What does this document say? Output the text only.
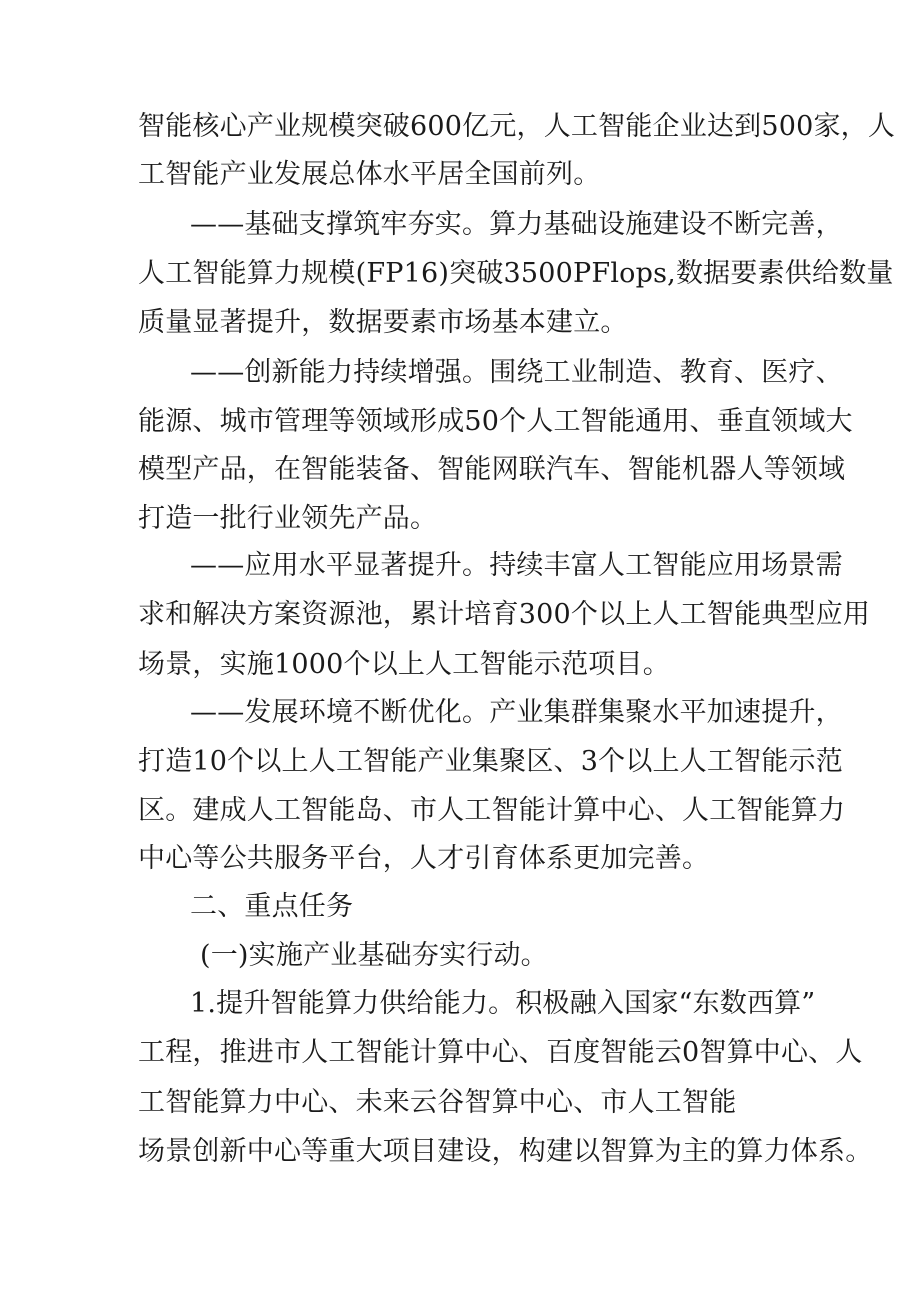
智能核心产业规模突破600亿元，人工智能企业达到500家，人
工智能产业发展总体水平居全国前列。
——基础支撑筑牢夯实。算力基础设施建设不断完善，
人工智能算力规模(FP16)突破3500PFlops,数据要素供给数量
质量显著提升，数据要素市场基本建立。
——创新能力持续增强。围绕工业制造、教育、医疗、
能源、城市管理等领域形成50个人工智能通用、垂直领域大
模型产品，在智能装备、智能网联汽车、智能机器人等领域
打造一批行业领先产品。
——应用水平显著提升。持续丰富人工智能应用场景需
求和解决方案资源池，累计培育300个以上人工智能典型应用
场景，实施1000个以上人工智能示范项目。
——发展环境不断优化。产业集群集聚水平加速提升，
打造10个以上人工智能产业集聚区、3个以上人工智能示范
区。建成人工智能岛、市人工智能计算中心、人工智能算力
中心等公共服务平台，人才引育体系更加完善。
二、重点任务
(一)实施产业基础夯实行动。
1.提升智能算力供给能力。积极融入国家“东数西算”
工程，推进市人工智能计算中心、百度智能云0智算中心、人
工智能算力中心、未来云谷智算中心、市人工智能
场景创新中心等重大项目建设，构建以智算为主的算力体系。
